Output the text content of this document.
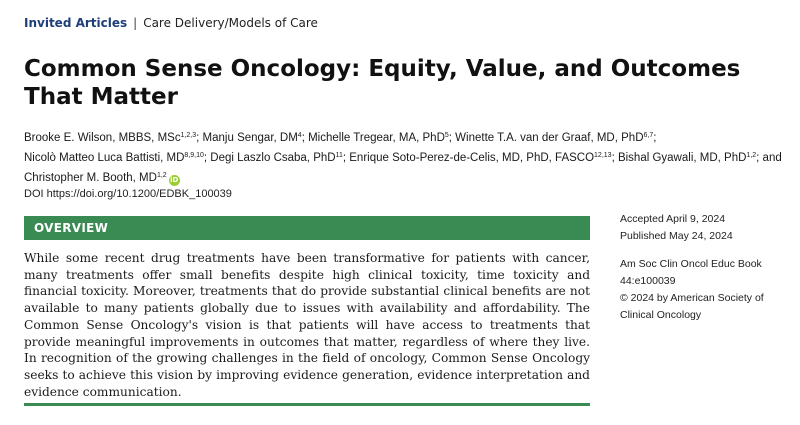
Invited Articles | Care Delivery/Models of Care
Common Sense Oncology: Equity, Value, and Outcomes That Matter
Brooke E. Wilson, MBBS, MSc$^{1,2,3}$; Manju Sengar, $DM^4$; Michelle Tregear, MA, PhD$^5$; Winette T.A. van der Graaf, MD, PhD$^{6,7}$;
Nicolò Matteo Luca Battisti, MD$^{8,9,10}$; Degi Laszlo Csaba, PhD$^{11}$; Enrique Soto-Perez-de-Celis, MD, PhD, FASCO$^{12,13}$; Bishal Gyawali, MD, PhD$^{1,2}$; and
Christopher M. Booth, MD$^{1,2}$iD
DOI https://doi.org/10.1200/EDBK_100039
OVERVIEW

While some recent drug treatments have been transformative for patients with cancer, many treatments offer small benefits despite high clinical toxicity, time toxicity and financial toxicity. Moreover, treatments that do provide substantial clinical benefits are not available to many patients globally due to issues with availability and affordability. The Common Sense Oncology's vision is that patients will have access to treatments that provide meaningful improvements in outcomes that matter, regardless of where they live. In recognition of the growing challenges in the field of oncology, Common Sense Oncology seeks to achieve this vision by improving evidence generation, evidence interpretation and evidence communication.

Accepted April 9, 2024
Published May 24, 2024
Am Soc Clin Oncol Educ Book
44:e100039
© 2024 by American Society of Clinical Oncology
